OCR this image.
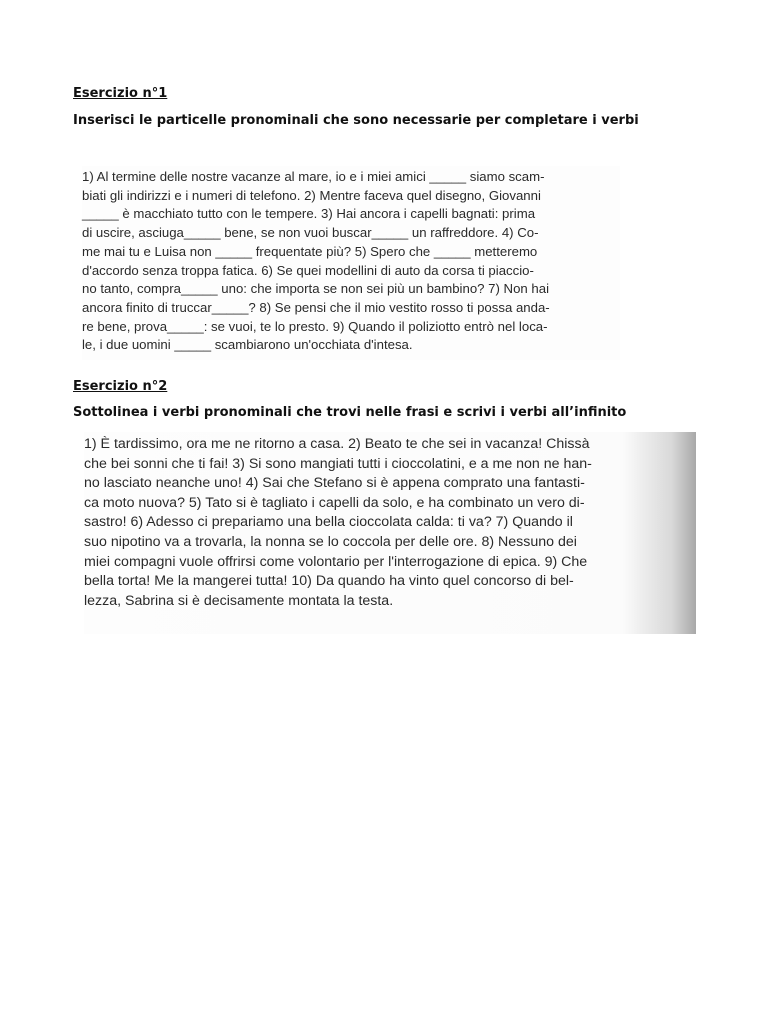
Esercizio n°1

Inserisci le particelle pronominali che sono necessarie per completare i verbi

1) Al termine delle nostre vacanze al mare, io e i miei amici _____ siamo scam-

biati gli indirizzi e i numeri di telefono. 2) Mentre faceva quel disegno, Giovanni

_____ è macchiato tutto con le tempere. 3) Hai ancora i capelli bagnati: prima

di uscire, asciuga_____ bene, se non vuoi buscar_____ un raffreddore. 4) Co-

me mai tu e Luisa non _____ frequentate più? 5) Spero che _____ metteremo

d'accordo senza troppa fatica. 6) Se quei modellini di auto da corsa ti piaccio-

no tanto, compra_____ uno: che importa se non sei più un bambino? 7) Non hai

ancora finito di truccar_____? 8) Se pensi che il mio vestito rosso ti possa anda-

re bene, prova_____: se vuoi, te lo presto. 9) Quando il poliziotto entrò nel loca-

le, i due uomini _____ scambiarono un'occhiata d'intesa.

Esercizio n°2

Sottolinea i verbi pronominali che trovi nelle frasi e scrivi i verbi all’infinito

1) È tardissimo, ora me ne ritorno a casa. 2) Beato te che sei in vacanza! Chissà

che bei sonni che ti fai! 3) Si sono mangiati tutti i cioccolatini, e a me non ne han-

no lasciato neanche uno! 4) Sai che Stefano si è appena comprato una fantasti-

ca moto nuova? 5) Tato si è tagliato i capelli da solo, e ha combinato un vero di-

sastro! 6) Adesso ci prepariamo una bella cioccolata calda: ti va? 7) Quando il

suo nipotino va a trovarla, la nonna se lo coccola per delle ore. 8) Nessuno dei

miei compagni vuole offrirsi come volontario per l'interrogazione di epica. 9) Che

bella torta! Me la mangerei tutta! 10) Da quando ha vinto quel concorso di bel-

lezza, Sabrina si è decisamente montata la testa.
